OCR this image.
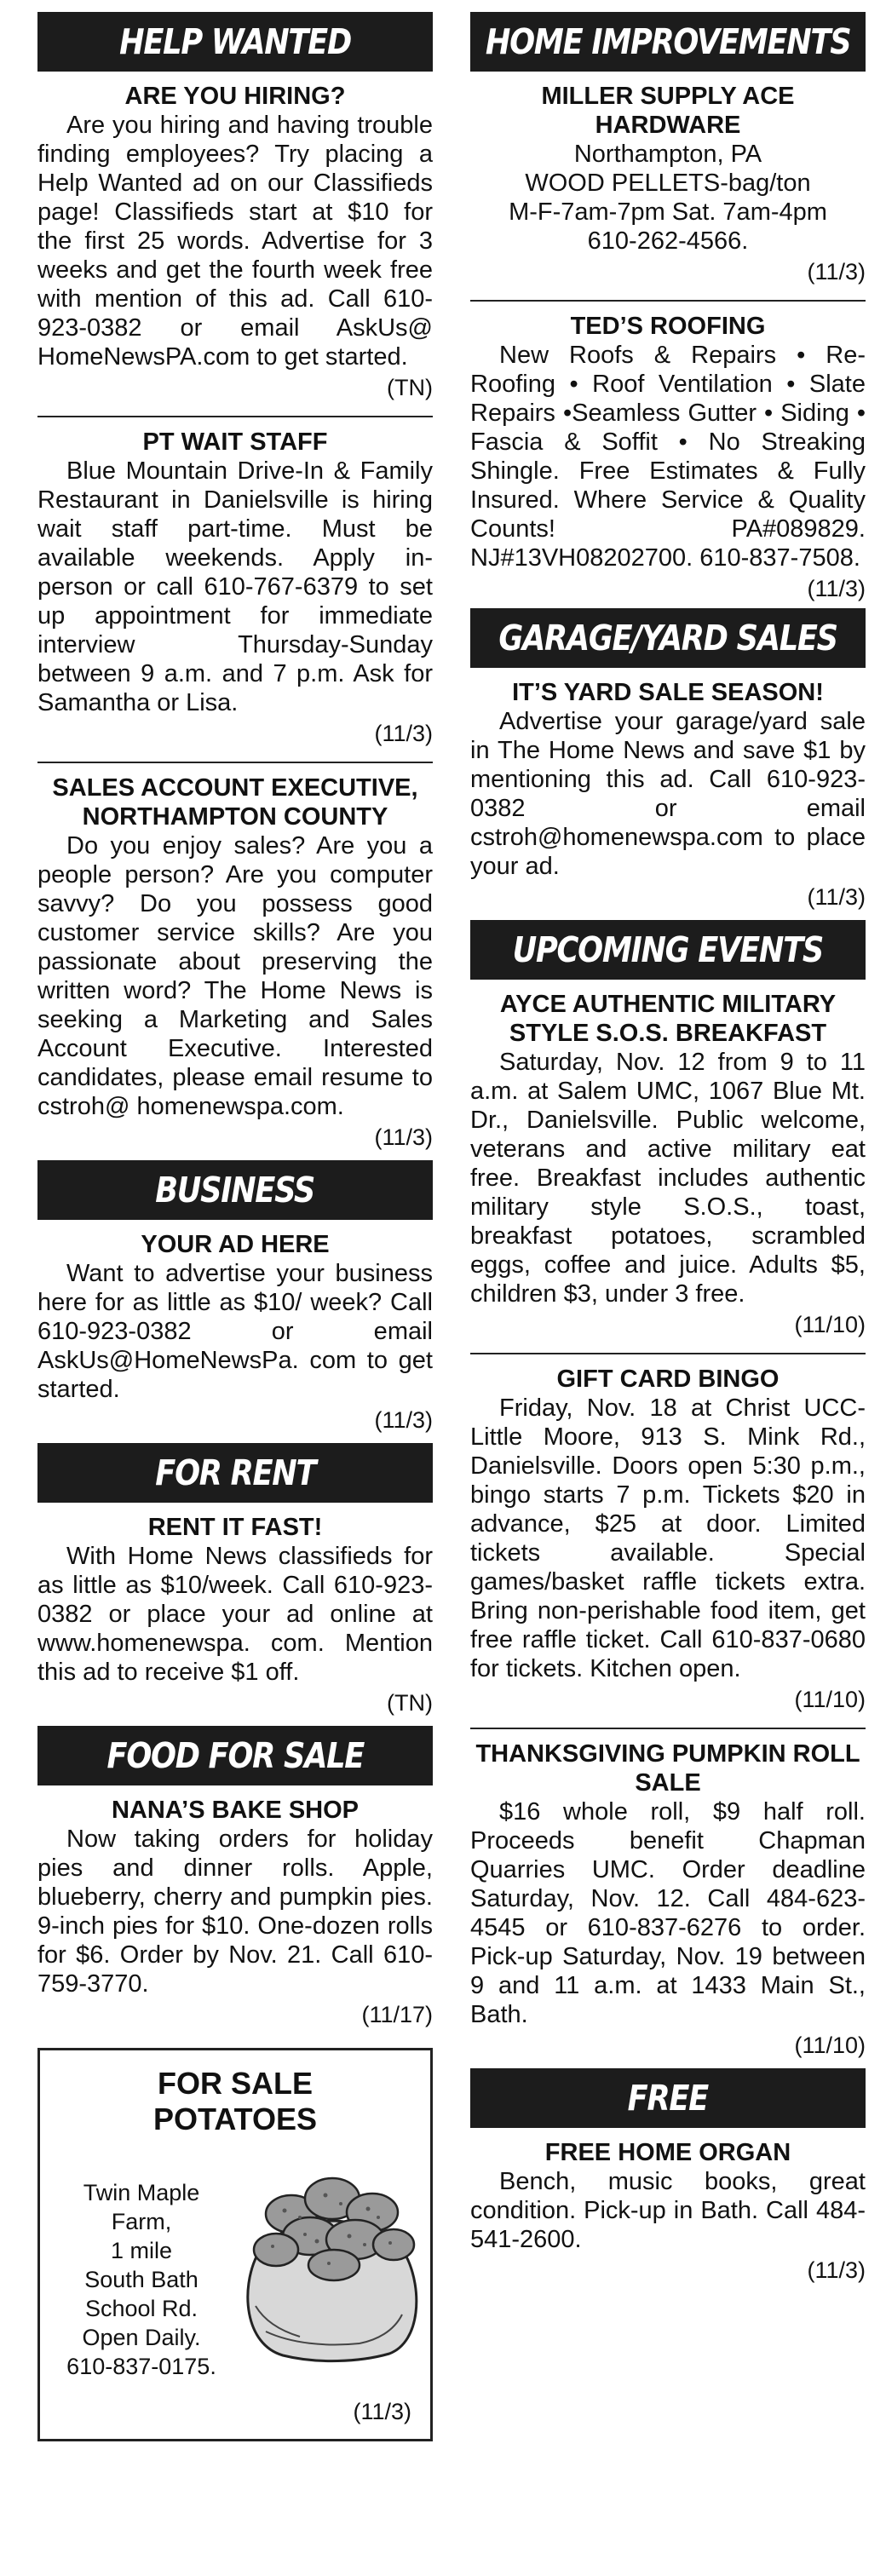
HELP WANTED
ARE YOU HIRING?
Are you hiring and having trouble finding employees? Try placing a Help Wanted ad on our Classifieds page! Classifieds start at $10 for the first 25 words. Advertise for 3 weeks and get the fourth week free with mention of this ad. Call 610-923-0382 or email AskUs@ HomeNewsPA.com to get started.
(TN)
PT WAIT STAFF
Blue Mountain Drive-In & Family Restaurant in Danielsville is hiring wait staff part-time. Must be available weekends. Apply in-person or call 610-767-6379 to set up appointment for immediate interview Thursday-Sunday between 9 a.m. and 7 p.m. Ask for Samantha or Lisa.
(11/3)
SALES ACCOUNT EXECUTIVE, NORTHAMPTON COUNTY
Do you enjoy sales? Are you a people person? Are you computer savvy? Do you possess good customer service skills? Are you passionate about preserving the written word? The Home News is seeking a Marketing and Sales Account Executive. Interested candidates, please email resume to cstroh@ homenewspa.com.
(11/3)
BUSINESS
YOUR AD HERE
Want to advertise your business here for as little as $10/ week? Call 610-923-0382 or email AskUs@HomeNewsPa. com to get started.
(11/3)
FOR RENT
RENT IT FAST!
With Home News classifieds for as little as $10/week. Call 610-923-0382 or place your ad online at www.homenewspa. com. Mention this ad to receive $1 off.
(TN)
FOOD FOR SALE
NANA’S BAKE SHOP
Now taking orders for holiday pies and dinner rolls. Apple, blueberry, cherry and pumpkin pies. 9-inch pies for $10. One-dozen rolls for $6. Order by Nov. 21. Call 610-759-3770.
(11/17)
FOR SALE
POTATOES
Twin Maple
Farm,
1 mile
South Bath
School Rd.
Open Daily.
610-837-0175.
(11/3)
HOME IMPROVEMENTS
MILLER SUPPLY ACE HARDWARE
Northampton, PA
WOOD PELLETS-bag/ton
M-F-7am-7pm Sat. 7am-4pm
610-262-4566.
(11/3)
TED’S ROOFING
New Roofs & Repairs • Re-Roofing • Roof Ventilation • Slate Repairs •Seamless Gutter • Siding • Fascia & Soffit • No Streaking Shingle. Free Estimates & Fully Insured. Where Service & Quality Counts! PA#089829. NJ#13VH08202700. 610-837-7508.
(11/3)
GARAGE/YARD SALES
IT’S YARD SALE SEASON!
Advertise your garage/yard sale in The Home News and save $1 by mentioning this ad. Call 610-923-0382 or email cstroh@homenewspa.com to place your ad.
(11/3)
UPCOMING EVENTS
AYCE AUTHENTIC MILITARY STYLE S.O.S. BREAKFAST
Saturday, Nov. 12 from 9 to 11 a.m. at Salem UMC, 1067 Blue Mt. Dr., Danielsville. Public welcome, veterans and active military eat free. Breakfast includes authentic military style S.O.S., toast, breakfast potatoes, scrambled eggs, coffee and juice. Adults $5, children $3, under 3 free.
(11/10)
GIFT CARD BINGO
Friday, Nov. 18 at Christ UCC-Little Moore, 913 S. Mink Rd., Danielsville. Doors open 5:30 p.m., bingo starts 7 p.m. Tickets $20 in advance, $25 at door. Limited tickets available. Special games/basket raffle tickets extra. Bring non-perishable food item, get free raffle ticket. Call 610-837-0680 for tickets. Kitchen open.
(11/10)
THANKSGIVING PUMPKIN ROLL SALE
$16 whole roll, $9 half roll. Proceeds benefit Chapman Quarries UMC. Order deadline Saturday, Nov. 12. Call 484-623-4545 or 610-837-6276 to order. Pick-up Saturday, Nov. 19 between 9 and 11 a.m. at 1433 Main St., Bath.
(11/10)
FREE
FREE HOME ORGAN
Bench, music books, great condition. Pick-up in Bath. Call 484-541-2600.
(11/3)
